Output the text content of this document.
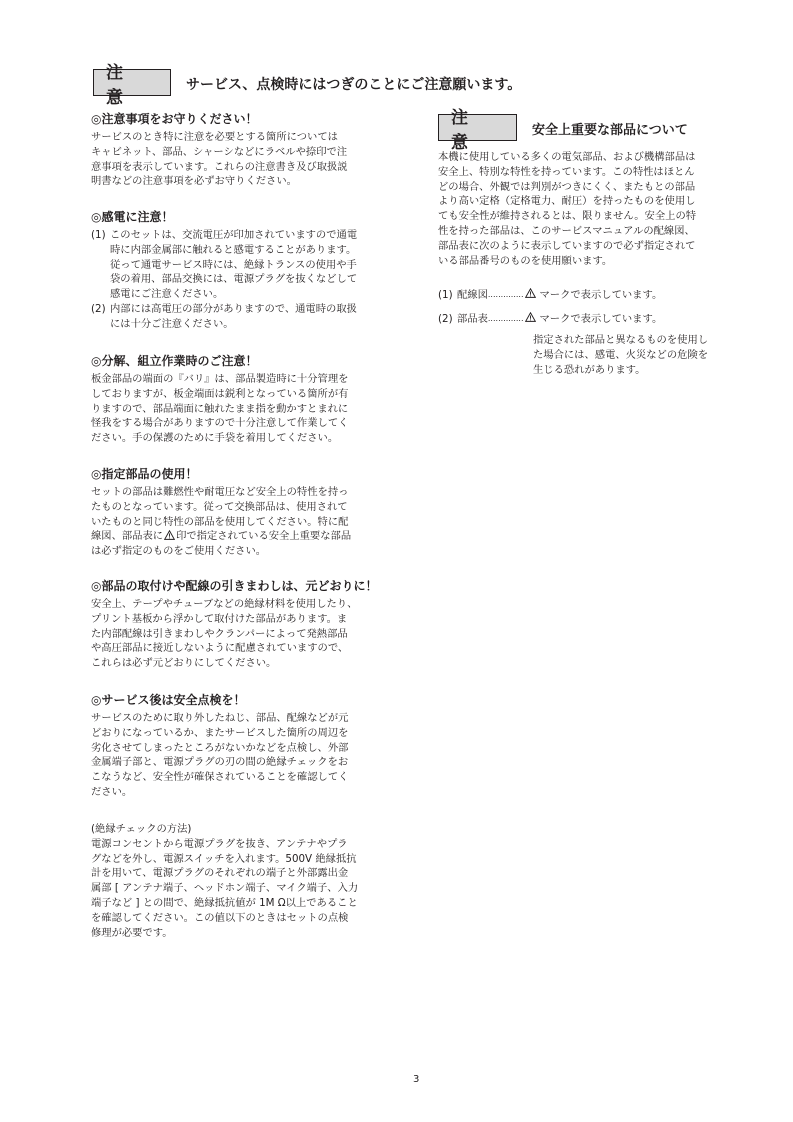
注 意
サービス、点検時にはつぎのことにご注意願います。

◎注意事項をお守りください！

サービスのとき特に注意を必要とする箇所については
キャビネット、部品、シャーシなどにラベルや捺印で注
意事項を表示しています。これらの注意書き及び取扱説
明書などの注意事項を必ずお守りください。

◎感電に注意！

(1) このセットは、交流電圧が印加されていますので通電
時に内部金属部に触れると感電することがあります。
従って通電サービス時には、絶縁トランスの使用や手
袋の着用、部品交換には、電源プラグを抜くなどして
感電にご注意ください。
(2) 内部には高電圧の部分がありますので、通電時の取扱
には十分ご注意ください。

◎分解、組立作業時のご注意！

板金部品の端面の『バリ』は、部品製造時に十分管理を
しておりますが、板金端面は鋭利となっている箇所が有
りますので、部品端面に触れたまま指を動かすとまれに
怪我をする場合がありますので十分注意して作業してく
ださい。手の保護のために手袋を着用してください。

◎指定部品の使用！

セットの部品は難燃性や耐電圧など安全上の特性を持っ
たものとなっています。従って交換部品は、使用されて
いたものと同じ特性の部品を使用してください。特に配
線図、部品表に 印で指定されている安全上重要な部品
は必ず指定のものをご使用ください。

◎部品の取付けや配線の引きまわしは、元どおりに！

安全上、テープやチューブなどの絶縁材料を使用したり、
プリント基板から浮かして取付けた部品があります。ま
た内部配線は引きまわしやクランパーによって発熱部品
や高圧部品に接近しないように配慮されていますので、
これらは必ず元どおりにしてください。

◎サービス後は安全点検を！

サービスのために取り外したねじ、部品、配線などが元
どおりになっているか、またサービスした箇所の周辺を
劣化させてしまったところがないかなどを点検し、外部
金属端子部と、電源プラグの刃の間の絶縁チェックをお
こなうなど、安全性が確保されていることを確認してく
ださい。
(絶縁チェックの方法)
電源コンセントから電源プラグを抜き、アンテナやプラ
グなどを外し、電源スイッチを入れます。500V 絶縁抵抗
計を用いて、電源プラグのそれぞれの端子と外部露出金
属部 [ アンテナ端子、ヘッドホン端子、マイク端子、入力
端子など ] との間で、絶縁抵抗値が 1M Ω以上であること
を確認してください。この値以下のときはセットの点検
修理が必要です。
注 意
安全上重要な部品について
本機に使用している多くの電気部品、および機構部品は
安全上、特別な特性を持っています。この特性はほとん
どの場合、外観では判別がつきにくく、またもとの部品
より高い定格（定格電力、耐圧）を持ったものを使用し
ても安全性が維持されるとは、限りません。安全上の特
性を持った部品は、このサービスマニュアルの配線図、
部品表に次のように表示していますので必ず指定されて
いる部品番号のものを使用願います。
(1) 配線図 .............. マークで表示しています。
(2) 部品表 .............. マークで表示しています。
指定された部品と異なるものを使用し
た場合には、感電、火災などの危険を
生じる恐れがあります。
3
